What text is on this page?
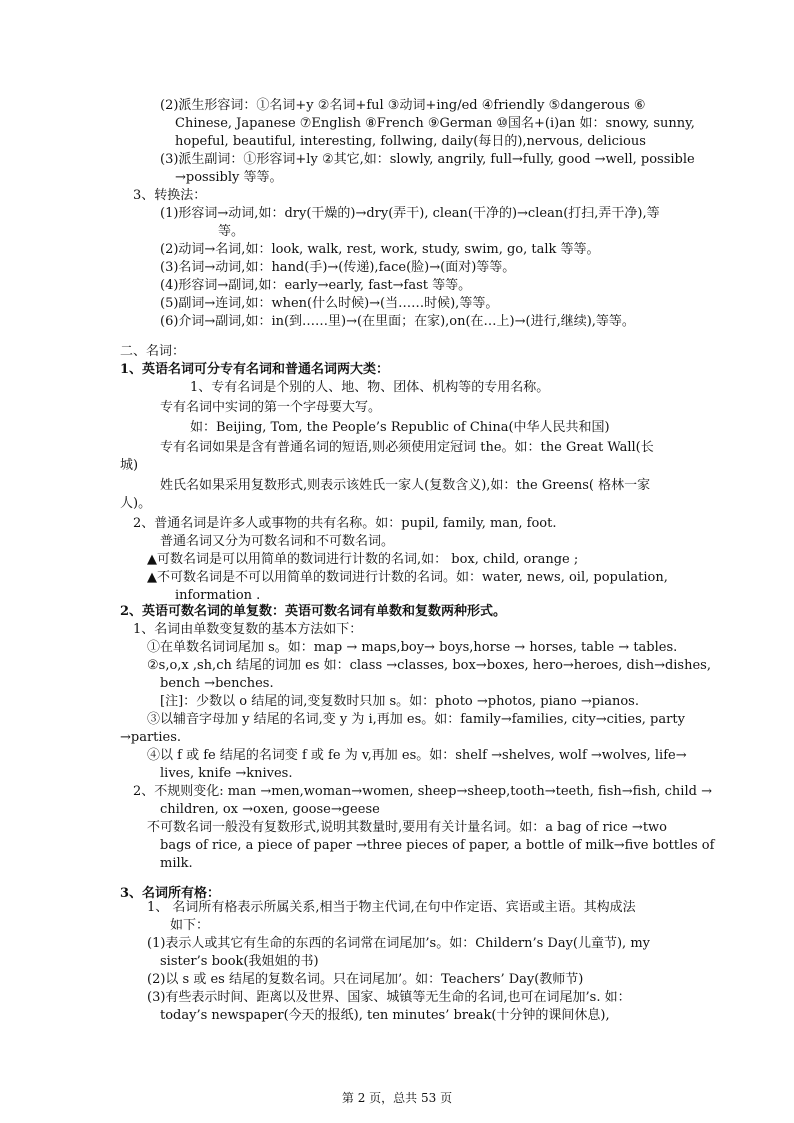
(2)派生形容词：①名词+y ②名词+ful ③动词+ing/ed ④friendly ⑤dangerous ⑥
Chinese, Japanese ⑦English ⑧French ⑨German ⑩国名+(i)an 如：snowy, sunny,
hopeful, beautiful, interesting, follwing, daily(每日的),nervous, delicious
(3)派生副词：①形容词+ly ②其它,如：slowly, angrily, full→fully, good →well, possible
→possibly 等等。
3、转换法：
(1)形容词→动词,如：dry(干燥的)→dry(弄干), clean(干净的)→clean(打扫,弄干净),等
等。
(2)动词→名词,如：look, walk, rest, work, study, swim, go, talk 等等。
(3)名词→动词,如：hand(手)→(传递),face(脸)→(面对)等等。
(4)形容词→副词,如：early→early, fast→fast 等等。
(5)副词→连词,如：when(什么时候)→(当……时候),等等。
(6)介词→副词,如：in(到……里)→(在里面；在家),on(在…上)→(进行,继续),等等。
二、名词：
1、英语名词可分专有名词和普通名词两大类：
1、专有名词是个别的人、地、物、团体、机构等的专用名称。
专有名词中实词的第一个字母要大写。
如：Beijing, Tom, the People’s Republic of China(中华人民共和国)
专有名词如果是含有普通名词的短语,则必须使用定冠词 the。如：the Great Wall(长
城)
姓氏名如果采用复数形式,则表示该姓氏一家人(复数含义),如：the Greens( 格林一家
人)。
2、普通名词是许多人或事物的共有名称。如：pupil, family, man, foot.
普通名词又分为可数名词和不可数名词。
▲可数名词是可以用简单的数词进行计数的名词,如： box, child, orange ;
▲不可数名词是不可以用简单的数词进行计数的名词。如：water, news, oil, population,
information .
2、英语可数名词的单复数：英语可数名词有单数和复数两种形式。
1、名词由单数变复数的基本方法如下：
①在单数名词词尾加 s。如：map → maps,boy→ boys,horse → horses, table → tables.
②s,o,x ,sh,ch 结尾的词加 es 如：class →classes, box→boxes, hero→heroes, dish→dishes,
bench →benches.
[注]：少数以 o 结尾的词,变复数时只加 s。如：photo →photos, piano →pianos.
③以辅音字母加 y 结尾的名词,变 y 为 i,再加 es。如：family→families, city→cities, party
→parties.
④以 f 或 fe 结尾的名词变 f 或 fe 为 v,再加 es。如：shelf →shelves, wolf →wolves, life→
lives, knife →knives.
2、不规则变化: man →men,woman→women, sheep→sheep,tooth→teeth, fish→fish, child →
children, ox →oxen, goose→geese
不可数名词一般没有复数形式,说明其数量时,要用有关计量名词。如：a bag of rice →two
bags of rice, a piece of paper →three pieces of paper, a bottle of milk→five bottles of
milk.
3、名词所有格：
1、 名词所有格表示所属关系,相当于物主代词,在句中作定语、宾语或主语。其构成法
如下：
(1)表示人或其它有生命的东西的名词常在词尾加’s。如：Childern’s Day(儿童节), my
sister’s book(我姐姐的书)
(2)以 s 或 es 结尾的复数名词。只在词尾加’。如：Teachers’ Day(教师节)
(3)有些表示时间、距离以及世界、国家、城镇等无生命的名词,也可在词尾加’s. 如：
today’s newspaper(今天的报纸), ten minutes’ break(十分钟的课间休息),
第 2 页，总共 53 页
